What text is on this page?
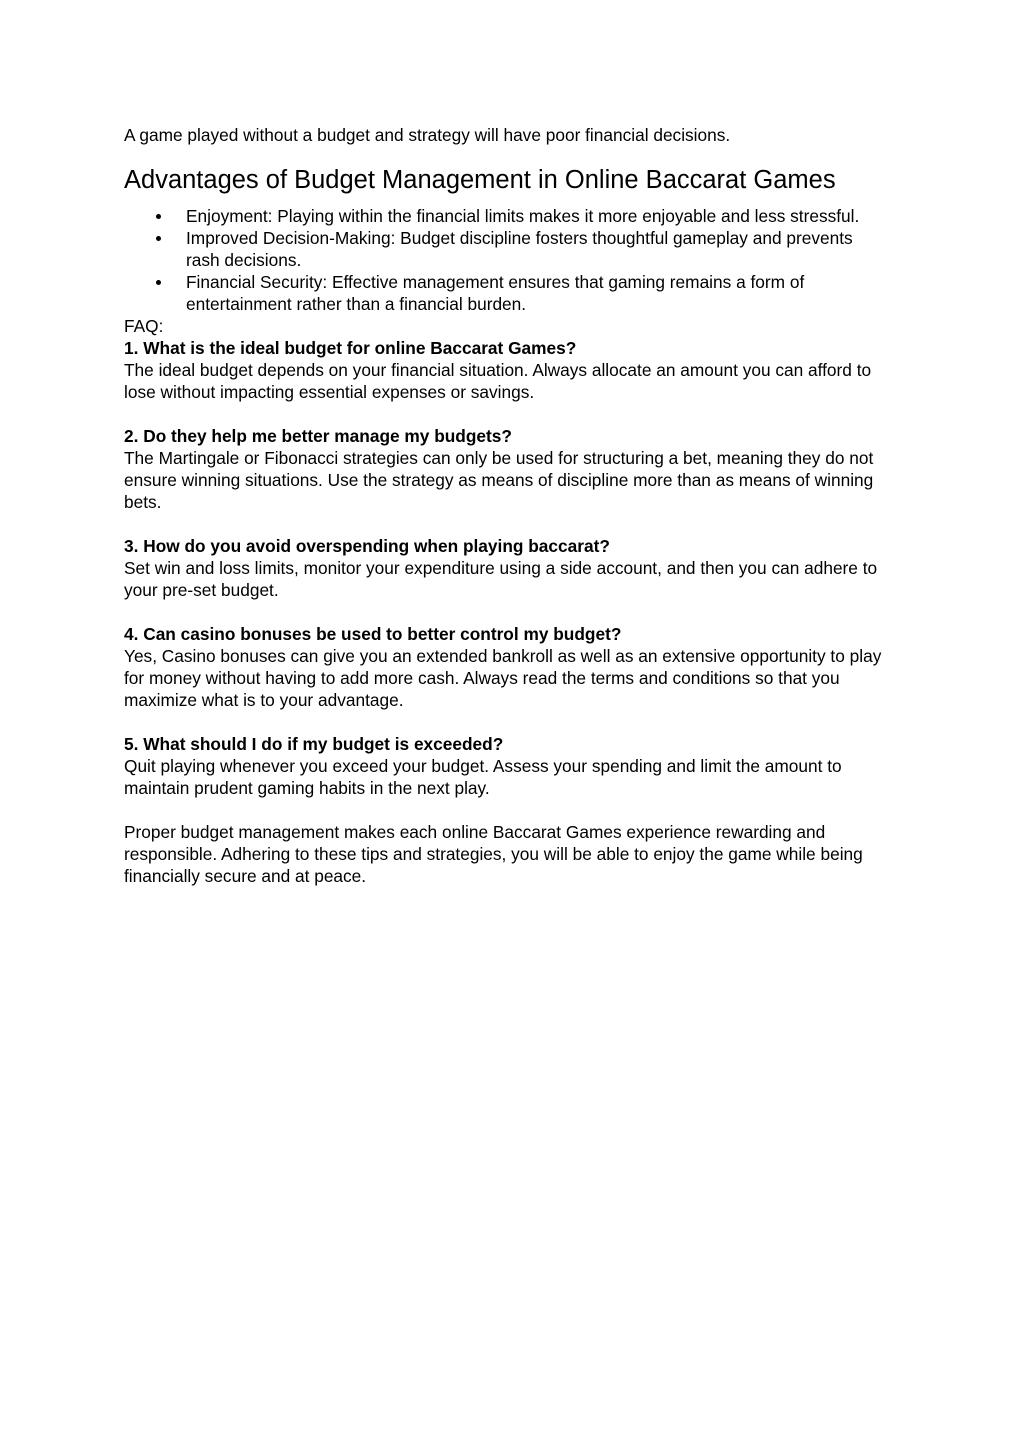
A game played without a budget and strategy will have poor financial decisions.

Advantages of Budget Management in Online Baccarat Games
Enjoyment: Playing within the financial limits makes it more enjoyable and less stressful.
Improved Decision-Making: Budget discipline fosters thoughtful gameplay and prevents rash decisions.
Financial Security: Effective management ensures that gaming remains a form of entertainment rather than a financial burden.

FAQ:

1. What is the ideal budget for online Baccarat Games?

The ideal budget depends on your financial situation. Always allocate an amount you can afford to lose without impacting essential expenses or savings.

2. Do they help me better manage my budgets?

The Martingale or Fibonacci strategies can only be used for structuring a bet, meaning they do not ensure winning situations. Use the strategy as means of discipline more than as means of winning bets.

3. How do you avoid overspending when playing baccarat?

Set win and loss limits, monitor your expenditure using a side account, and then you can adhere to your pre-set budget.

4. Can casino bonuses be used to better control my budget?

Yes, Casino bonuses can give you an extended bankroll as well as an extensive opportunity to play for money without having to add more cash. Always read the terms and conditions so that you maximize what is to your advantage.

5. What should I do if my budget is exceeded?

Quit playing whenever you exceed your budget. Assess your spending and limit the amount to maintain prudent gaming habits in the next play.

Proper budget management makes each online Baccarat Games experience rewarding and responsible. Adhering to these tips and strategies, you will be able to enjoy the game while being financially secure and at peace.
